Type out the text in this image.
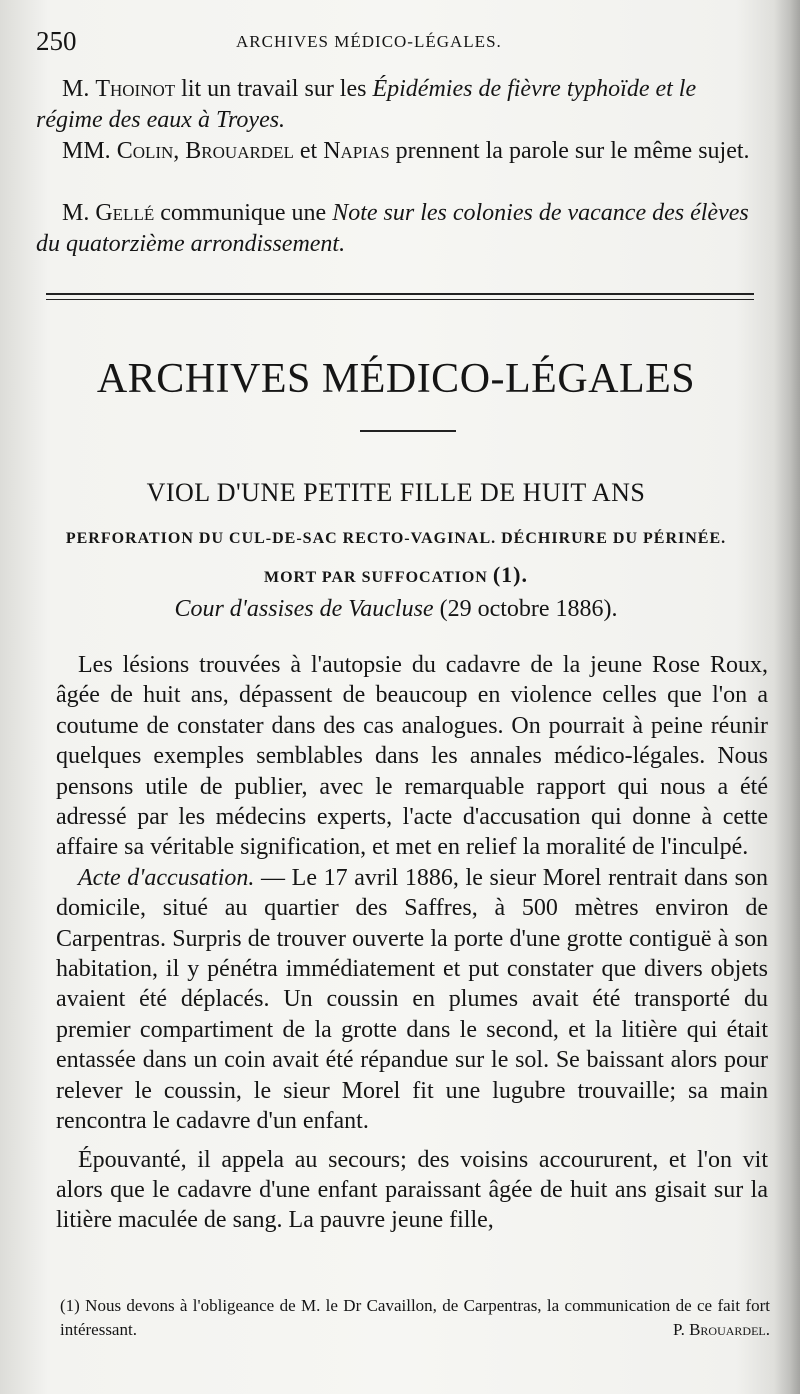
250	ARCHIVES MÉDICO-LÉGALES.
M. Thoinot lit un travail sur les Épidémies de fièvre typhoïde et le régime des eaux à Troyes.
MM. Colin, Brouardel et Napias prennent la parole sur le même sujet.
M. Gellé communique une Note sur les colonies de vacance des élèves du quatorzième arrondissement.
ARCHIVES MÉDICO-LÉGALES
VIOL D'UNE PETITE FILLE DE HUIT ANS
PERFORATION DU CUL-DE-SAC RECTO-VAGINAL. DÉCHIRURE DU PÉRINÉE.
MORT PAR SUFFOCATION (1).
Cour d'assises de Vaucluse (29 octobre 1886).

Les lésions trouvées à l'autopsie du cadavre de la jeune Rose Roux, âgée de huit ans, dépassent de beaucoup en violence celles que l'on a coutume de constater dans des cas analogues. On pourrait à peine réunir quelques exemples semblables dans les annales médico-légales. Nous pensons utile de publier, avec le remarquable rapport qui nous a été adressé par les médecins experts, l'acte d'accusation qui donne à cette affaire sa véritable signification, et met en relief la moralité de l'inculpé.

Acte d'accusation. — Le 17 avril 1886, le sieur Morel rentrait dans son domicile, situé au quartier des Saffres, à 500 mètres environ de Carpentras. Surpris de trouver ouverte la porte d'une grotte contiguë à son habitation, il y pénétra immédiatement et put constater que divers objets avaient été déplacés. Un coussin en plumes avait été transporté du premier compartiment de la grotte dans le second, et la litière qui était entassée dans un coin avait été répandue sur le sol. Se baissant alors pour relever le coussin, le sieur Morel fit une lugubre trouvaille; sa main rencontra le cadavre d'un enfant.

Épouvanté, il appela au secours; des voisins accoururent, et l'on vit alors que le cadavre d'une enfant paraissant âgée de huit ans gisait sur la litière maculée de sang. La pauvre jeune fille,

(1) Nous devons à l'obligeance de M. le Dr Cavaillon, de Carpentras, la communication de ce fait fort intéressant.	P. Brouardel.
